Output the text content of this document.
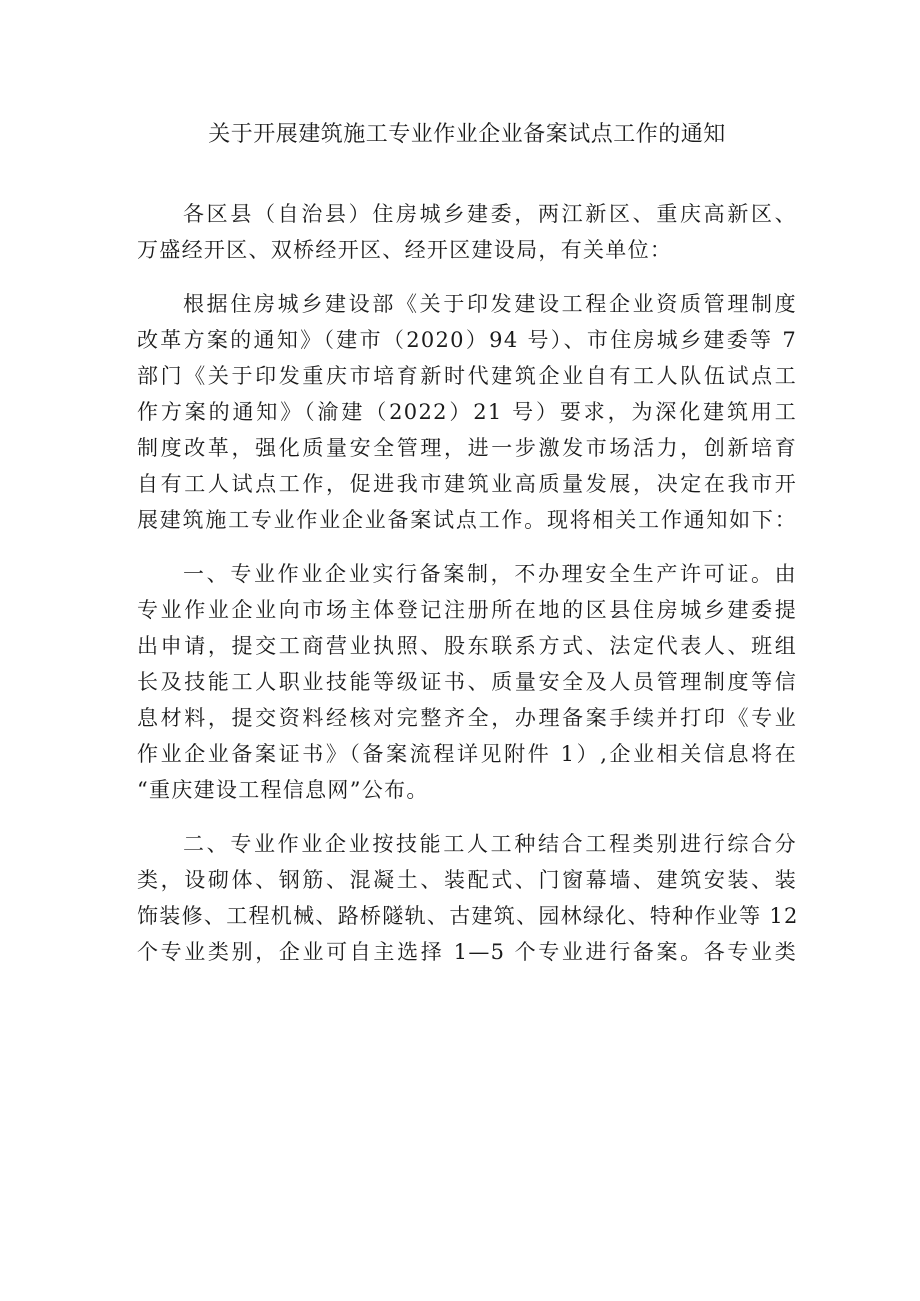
关于开展建筑施工专业作业企业备案试点工作的通知
各区县（自治县）住房城乡建委，两江新区、重庆高新区、
万盛经开区、双桥经开区、经开区建设局，有关单位：
根据住房城乡建设部《关于印发建设工程企业资质管理制度
改革方案的通知》（建市（2020）94 号）、市住房城乡建委等 7
部门《关于印发重庆市培育新时代建筑企业自有工人队伍试点工
作方案的通知》（渝建（2022）21 号）要求，为深化建筑用工
制度改革，强化质量安全管理，进一步激发市场活力，创新培育
自有工人试点工作，促进我市建筑业高质量发展，决定在我市开
展建筑施工专业作业企业备案试点工作。现将相关工作通知如下：
一、专业作业企业实行备案制，不办理安全生产许可证。由
专业作业企业向市场主体登记注册所在地的区县住房城乡建委提
出申请，提交工商营业执照、股东联系方式、法定代表人、班组
长及技能工人职业技能等级证书、质量安全及人员管理制度等信
息材料，提交资料经核对完整齐全，办理备案手续并打印《专业
作业企业备案证书》（备案流程详见附件 1）,企业相关信息将在
“重庆建设工程信息网”公布。
二、专业作业企业按技能工人工种结合工程类别进行综合分
类，设砌体、钢筋、混凝土、装配式、门窗幕墙、建筑安装、装
饰装修、工程机械、路桥隧轨、古建筑、园林绿化、特种作业等 12
个专业类别，企业可自主选择 1—5 个专业进行备案。各专业类
